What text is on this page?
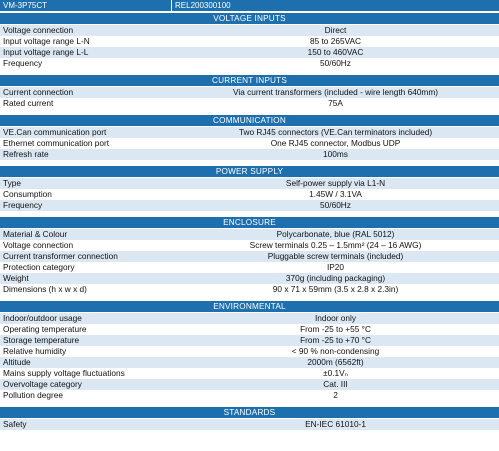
VM-3P75CT	REL200300100
VOLTAGE INPUTS
Voltage connection	Direct
Input voltage range L-N	85 to 265VAC
Input voltage range L-L	150 to 460VAC
Frequency	50/60Hz
CURRENT INPUTS
Current connection	Via current transformers (included - wire length 640mm)
Rated current	75A
COMMUNICATION
VE.Can communication port	Two RJ45 connectors (VE.Can terminators included)
Ethernet communication port	One RJ45 connector, Modbus UDP
Refresh rate	100ms
POWER SUPPLY
Type	Self-power supply via L1-N
Consumption	1.45W / 3.1VA
Frequency	50/60Hz
ENCLOSURE
Material & Colour	Polycarbonate, blue (RAL 5012)
Voltage connection	Screw terminals 0.25 – 1.5mm² (24 – 16 AWG)
Current transformer connection	Pluggable screw terminals (included)
Protection category	IP20
Weight	370g (including packaging)
Dimensions (h x w x d)	90 x 71 x 59mm (3.5 x 2.8 x 2.3in)
ENVIRONMENTAL
Indoor/outdoor usage	Indoor only
Operating temperature	From -25 to +55 °C
Storage temperature	From -25 to +70 °C
Relative humidity	< 90 % non-condensing
Altitude	2000m (6562ft)
Mains supply voltage fluctuations	±0.1Vₙ
Overvoltage category	Cat. III
Pollution degree	2
STANDARDS
Safety	EN-IEC 61010-1
